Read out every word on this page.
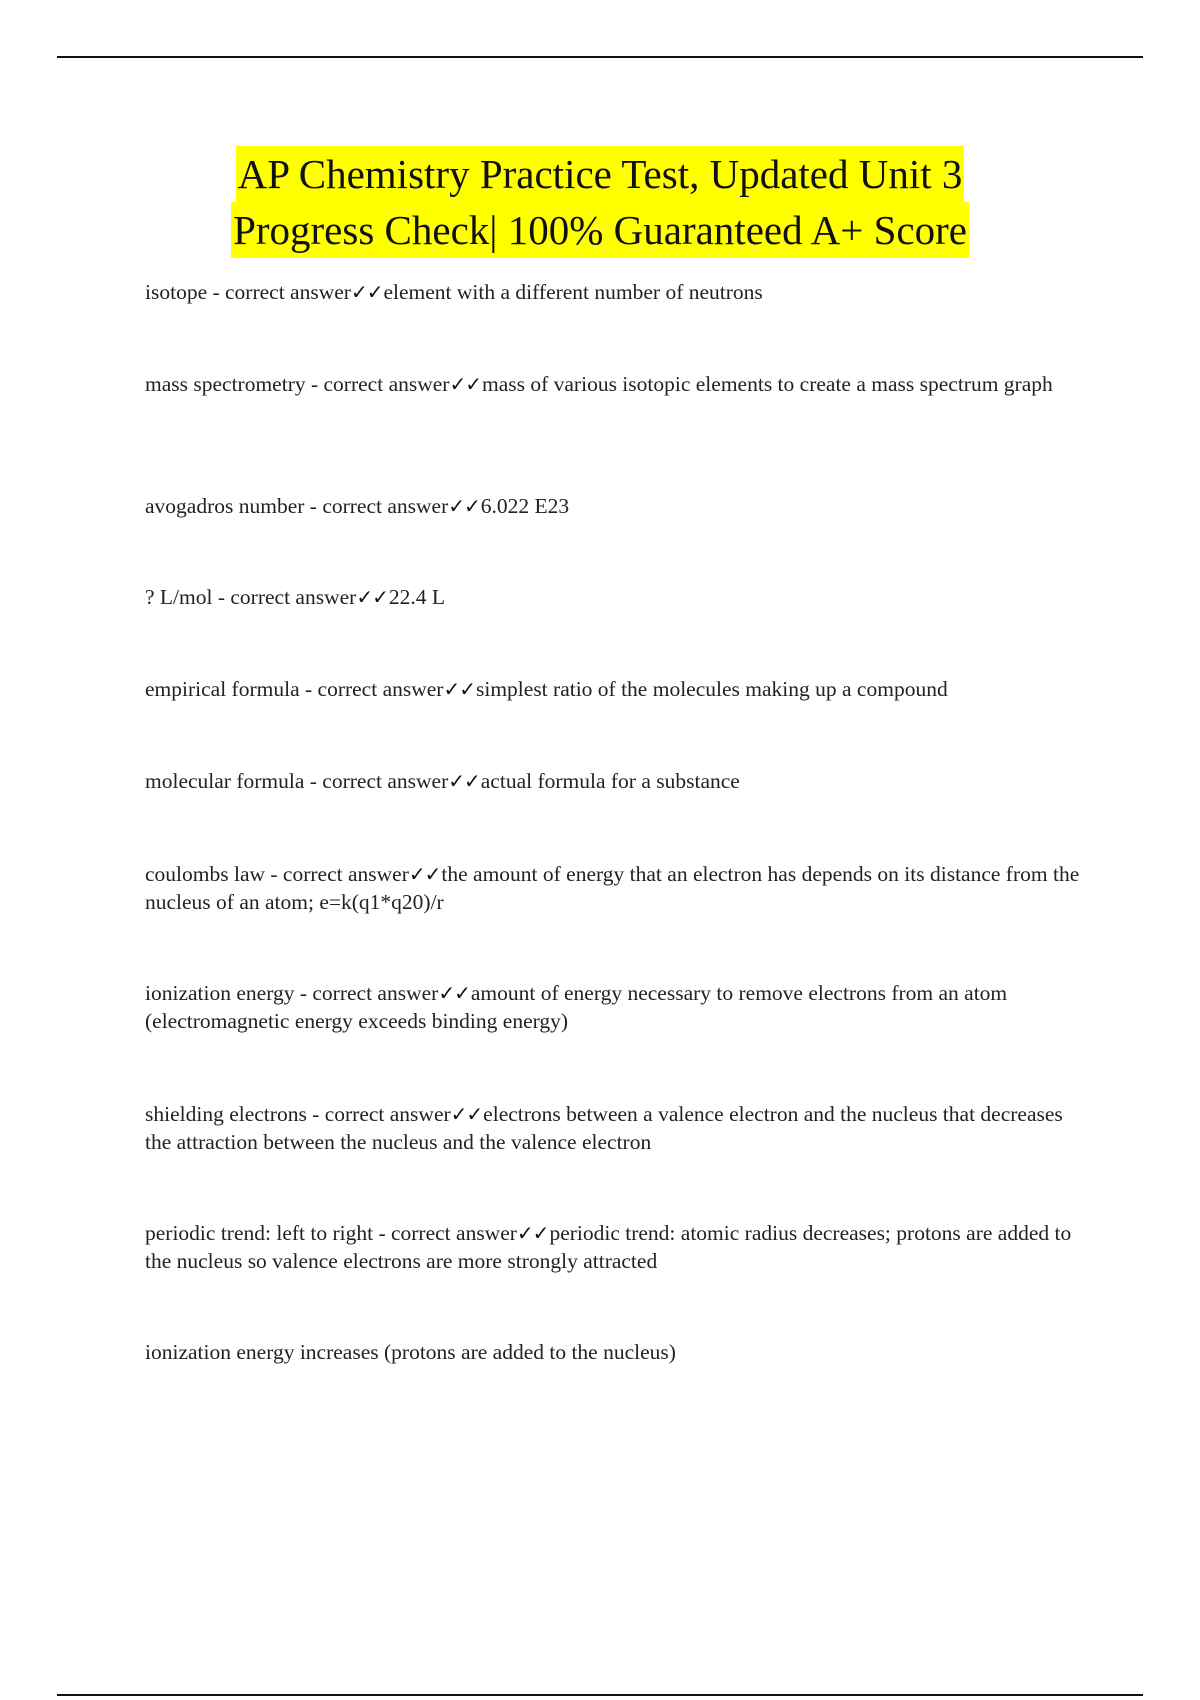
AP Chemistry Practice Test, Updated Unit 3
Progress Check| 100% Guaranteed A+ Score
isotope - correct answer✓✓element with a different number of neutrons
mass spectrometry - correct answer✓✓mass of various isotopic elements to create a mass spectrum graph
avogadros number - correct answer✓✓6.022 E23
? L/mol - correct answer✓✓22.4 L
empirical formula - correct answer✓✓simplest ratio of the molecules making up a compound
molecular formula - correct answer✓✓actual formula for a substance
coulombs law - correct answer✓✓the amount of energy that an electron has depends on its distance from the nucleus of an atom; e=k(q1*q20)/r
ionization energy - correct answer✓✓amount of energy necessary to remove electrons from an atom (electromagnetic energy exceeds binding energy)
shielding electrons - correct answer✓✓electrons between a valence electron and the nucleus that decreases the attraction between the nucleus and the valence electron
periodic trend: left to right - correct answer✓✓periodic trend: atomic radius decreases; protons are added to the nucleus so valence electrons are more strongly attracted
ionization energy increases (protons are added to the nucleus)
